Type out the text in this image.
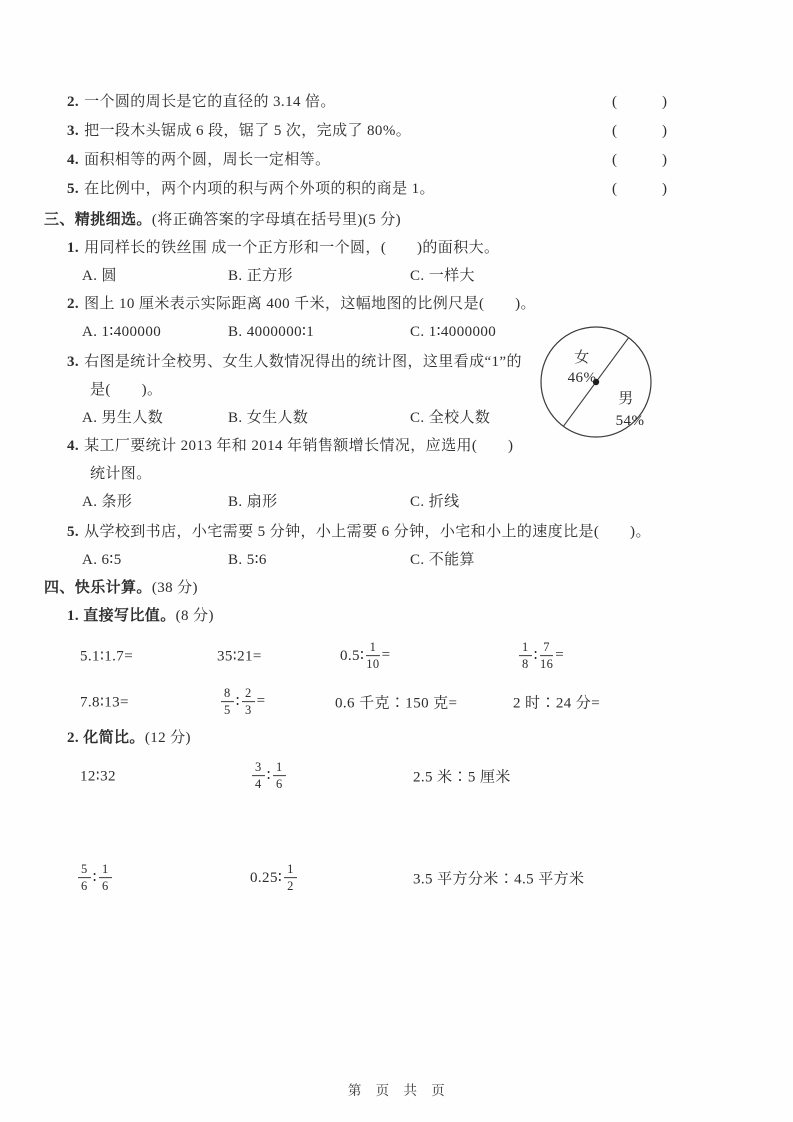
2. 一个圆的周长是它的直径的 3.14 倍。	(　　　)
3. 把一段木头锯成 6 段，锯了 5 次，完成了 80%。	(　　　)
4. 面积相等的两个圆，周长一定相等。	(　　　)
5. 在比例中，两个内项的积与两个外项的积的商是 1。	(　　　)
三、精挑细选。(将正确答案的字母填在括号里)(5 分)
1. 用同样长的铁丝围 成一个正方形和一个圆，(　　)的面积大。
A. 圆	B. 正方形	C. 一样大
2. 图上 10 厘米表示实际距离 400 千米，这幅地图的比例尺是(　　)。
A. 1∶400000	B. 4000000∶1	C. 1∶4000000
3. 右图是统计全校男、女生人数情况得出的统计图，这里看成“1”的
是(　　)。
A. 男生人数	B. 女生人数	C. 全校人数
4. 某工厂要统计 2013 年和 2014 年销售额增长情况，应选用(　　)
统计图。
A. 条形	B. 扇形	C. 折线
5. 从学校到书店，小宅需要 5 分钟，小上需要 6 分钟，小宅和小上的速度比是(　　)。
A. 6∶5	B. 5∶6	C. 不能算
四、快乐计算。(38 分)
1. 直接写比值。(8 分)
5.1∶1.7=	35∶21=	0.5∶ $\frac{1}{10}$ =	$\frac{1}{8}$ ∶ $\frac{7}{16}$ =
7.8∶13=	$\frac{8}{5}$ ∶ $\frac{2}{3}$ =	0.6 千克∶150 克=	2 时∶24 分=
2. 化简比。(12 分)
12∶32	$\frac{3}{4}$ ∶ $\frac{1}{6}$	2.5 米∶5 厘米
$\frac{5}{6}$ ∶ $\frac{1}{6}$	0.25∶ $\frac{1}{2}$	3.5 平方分米∶4.5 平方米
女
46%
男
54%
第　页　共　页
